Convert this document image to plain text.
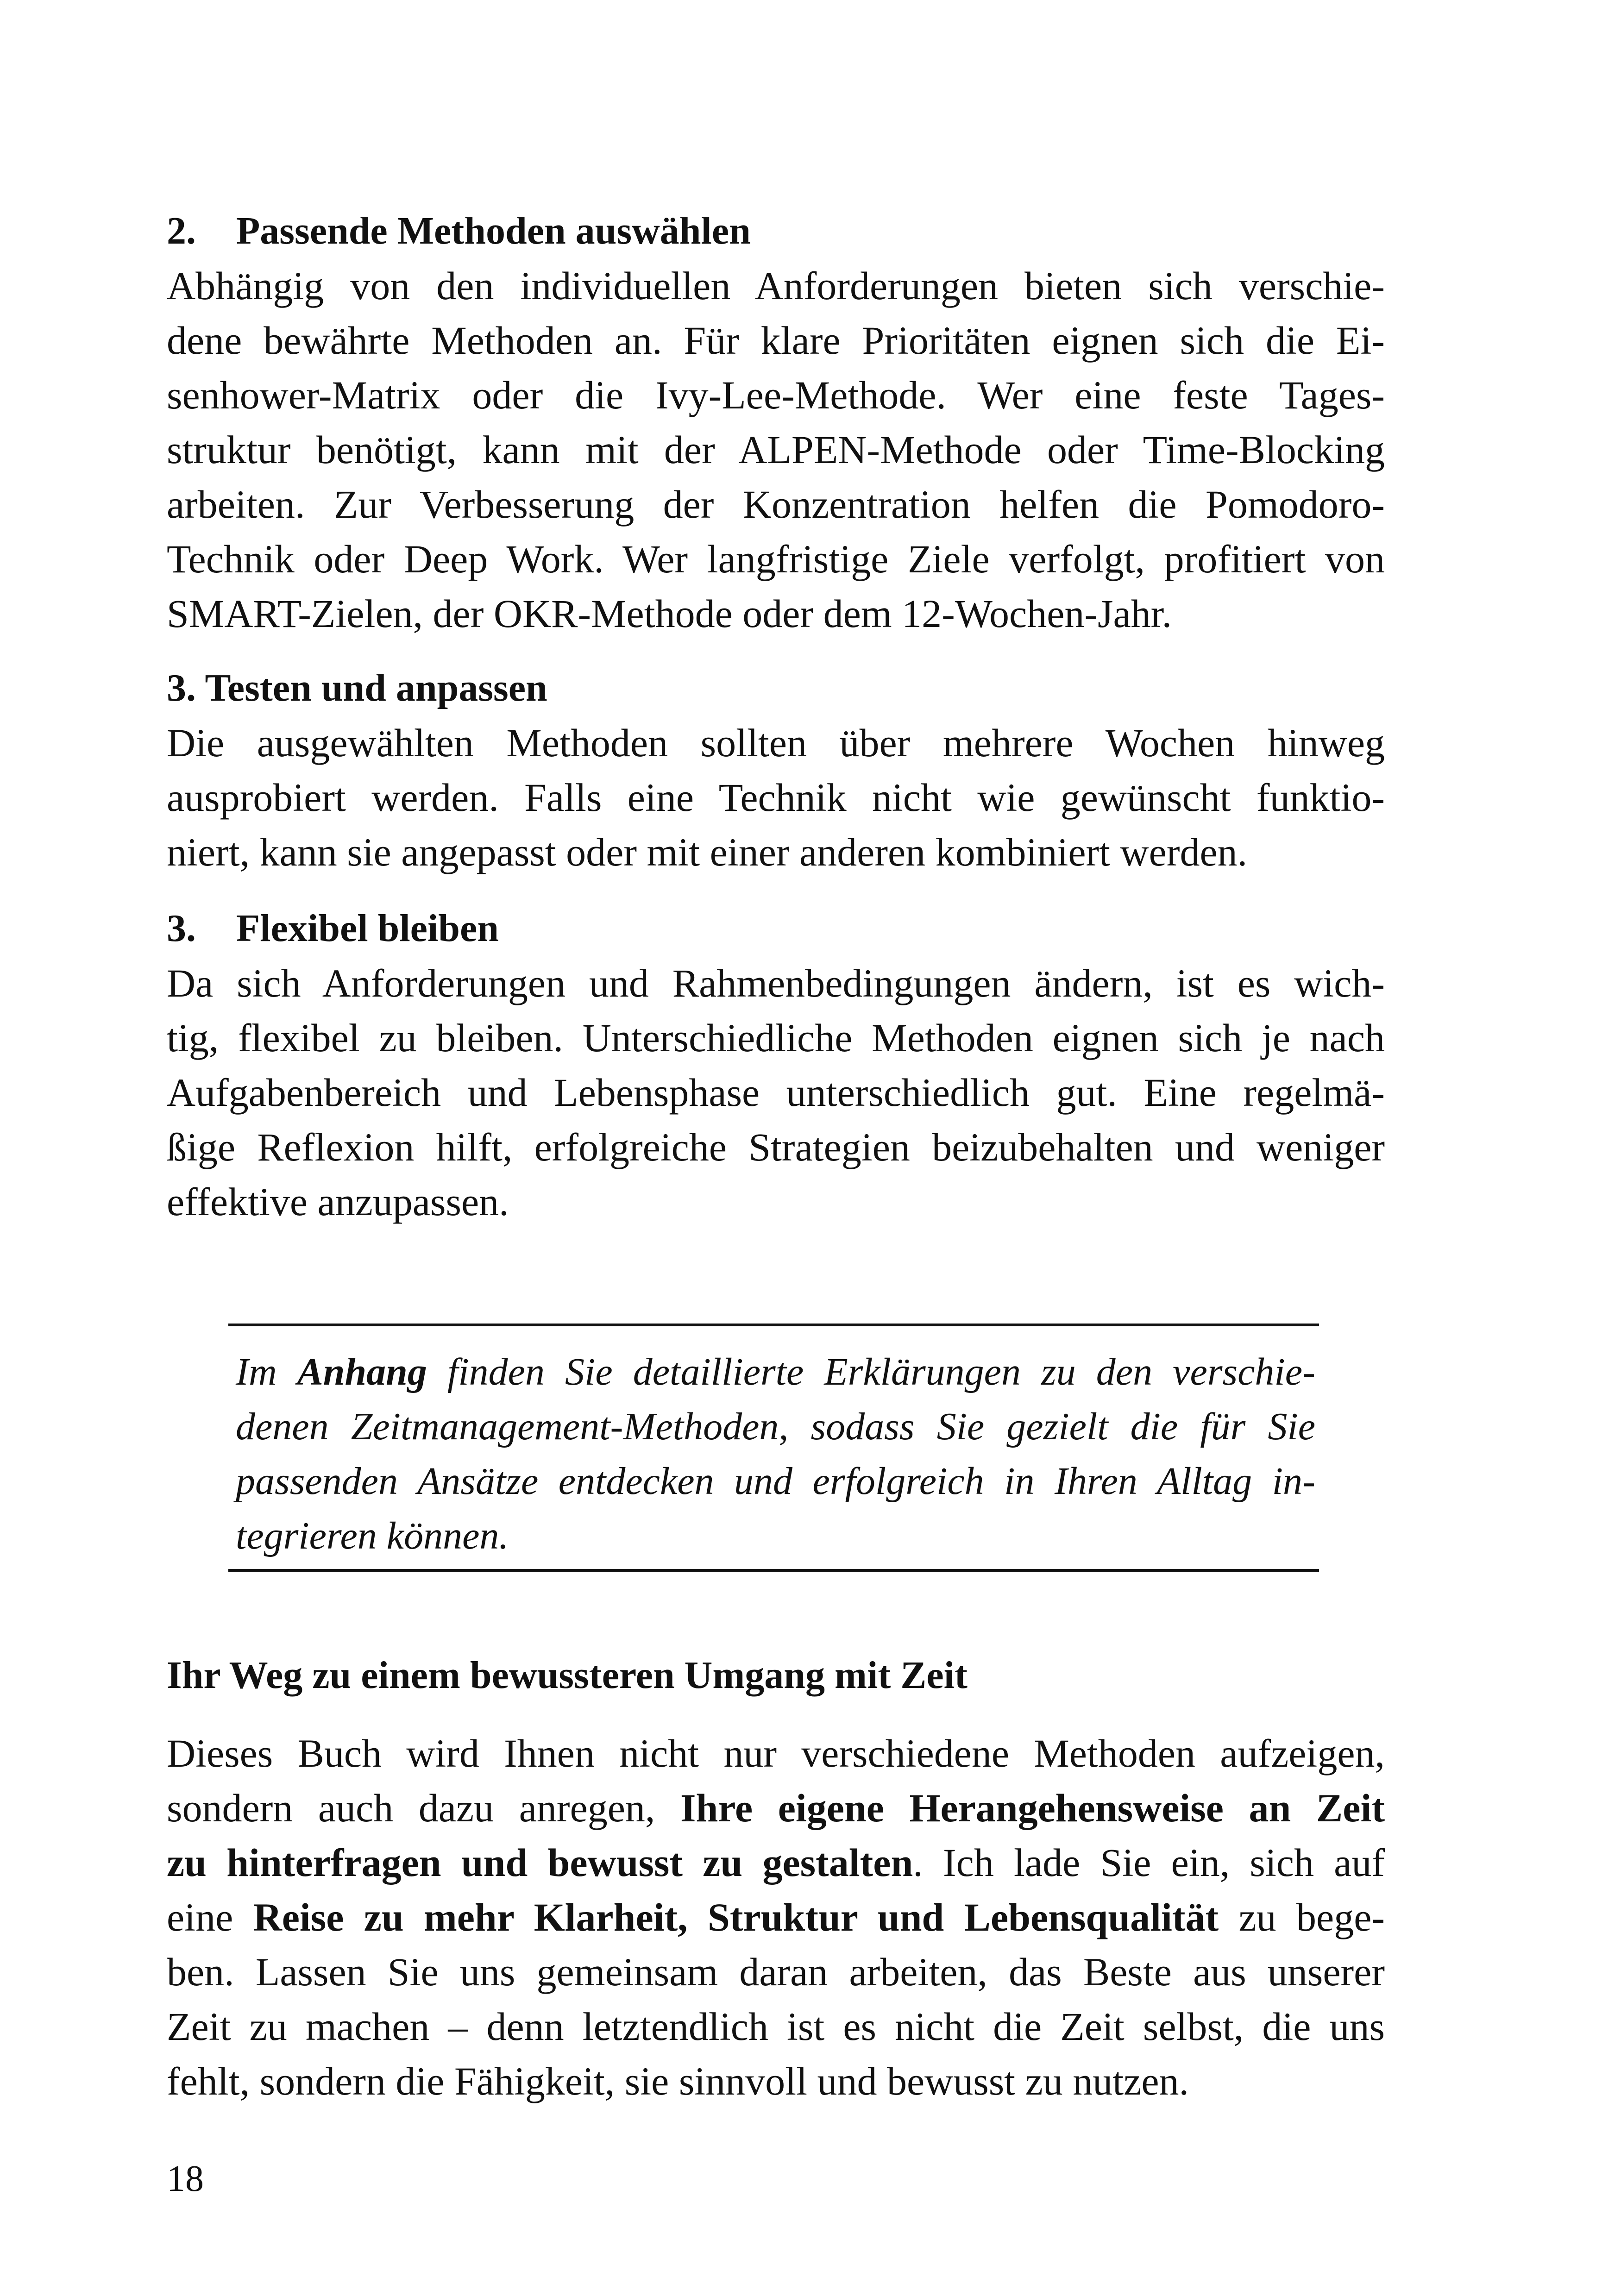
2. Passende Methoden auswählen
Abhängig von den individuellen Anforderungen bieten sich verschie-
dene bewährte Methoden an. Für klare Prioritäten eignen sich die Ei-
senhower-Matrix oder die Ivy-Lee-Methode. Wer eine feste Tages-
struktur benötigt, kann mit der ALPEN-Methode oder Time-Blocking
arbeiten. Zur Verbesserung der Konzentration helfen die Pomodoro-
Technik oder Deep Work. Wer langfristige Ziele verfolgt, profitiert von
SMART-Zielen, der OKR-Methode oder dem 12-Wochen-Jahr.
3. Testen und anpassen
Die ausgewählten Methoden sollten über mehrere Wochen hinweg
ausprobiert werden. Falls eine Technik nicht wie gewünscht funktio-
niert, kann sie angepasst oder mit einer anderen kombiniert werden.
3. Flexibel bleiben
Da sich Anforderungen und Rahmenbedingungen ändern, ist es wich-
tig, flexibel zu bleiben. Unterschiedliche Methoden eignen sich je nach
Aufgabenbereich und Lebensphase unterschiedlich gut. Eine regelmä-
ßige Reflexion hilft, erfolgreiche Strategien beizubehalten und weniger
effektive anzupassen.
Im Anhang finden Sie detaillierte Erklärungen zu den verschie-
denen Zeitmanagement-Methoden, sodass Sie gezielt die für Sie
passenden Ansätze entdecken und erfolgreich in Ihren Alltag in-
tegrieren können.
Ihr Weg zu einem bewussteren Umgang mit Zeit
Dieses Buch wird Ihnen nicht nur verschiedene Methoden aufzeigen,
sondern auch dazu anregen, Ihre eigene Herangehensweise an Zeit
zu hinterfragen und bewusst zu gestalten. Ich lade Sie ein, sich auf
eine Reise zu mehr Klarheit, Struktur und Lebensqualität zu bege-
ben. Lassen Sie uns gemeinsam daran arbeiten, das Beste aus unserer
Zeit zu machen – denn letztendlich ist es nicht die Zeit selbst, die uns
fehlt, sondern die Fähigkeit, sie sinnvoll und bewusst zu nutzen.
18
